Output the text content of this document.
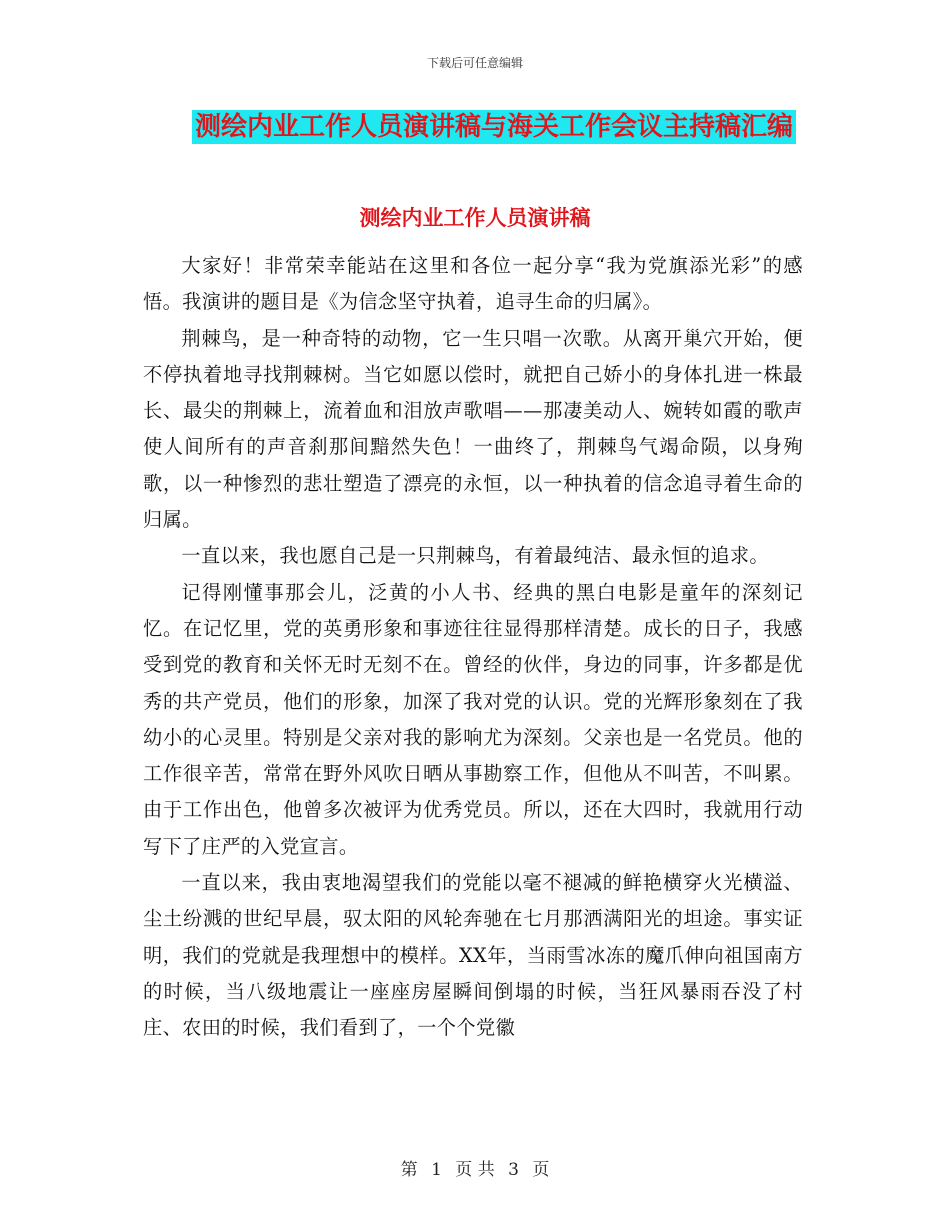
下载后可任意编辑
测绘内业工作人员演讲稿与海关工作会议主持稿汇编
测绘内业工作人员演讲稿

大家好！非常荣幸能站在这里和各位一起分享“我为党旗添光彩”的感悟。我演讲的题目是《为信念坚守执着，追寻生命的归属》。

荆棘鸟，是一种奇特的动物，它一生只唱一次歌。从离开巢穴开始，便不停执着地寻找荆棘树。当它如愿以偿时，就把自己娇小的身体扎进一株最长、最尖的荆棘上，流着血和泪放声歌唱——那凄美动人、婉转如霞的歌声使人间所有的声音刹那间黯然失色！一曲终了，荆棘鸟气竭命陨，以身殉歌，以一种惨烈的悲壮塑造了漂亮的永恒，以一种执着的信念追寻着生命的归属。

一直以来，我也愿自己是一只荆棘鸟，有着最纯洁、最永恒的追求。

记得刚懂事那会儿，泛黄的小人书、经典的黑白电影是童年的深刻记忆。在记忆里，党的英勇形象和事迹往往显得那样清楚。成长的日子，我感受到党的教育和关怀无时无刻不在。曾经的伙伴，身边的同事，许多都是优秀的共产党员，他们的形象，加深了我对党的认识。党的光辉形象刻在了我幼小的心灵里。特别是父亲对我的影响尤为深刻。父亲也是一名党员。他的工作很辛苦，常常在野外风吹日晒从事勘察工作，但他从不叫苦，不叫累。由于工作出色，他曾多次被评为优秀党员。所以，还在大四时，我就用行动写下了庄严的入党宣言。

一直以来，我由衷地渴望我们的党能以毫不褪减的鲜艳横穿火光横溢、尘土纷溅的世纪早晨，驭太阳的风轮奔驰在七月那洒满阳光的坦途。事实证明，我们的党就是我理想中的模样。XX年，当雨雪冰冻的魔爪伸向祖国南方的时候，当八级地震让一座座房屋瞬间倒塌的时候，当狂风暴雨吞没了村庄、农田的时候，我们看到了，一个个党徽

第 1 页 共 3 页
